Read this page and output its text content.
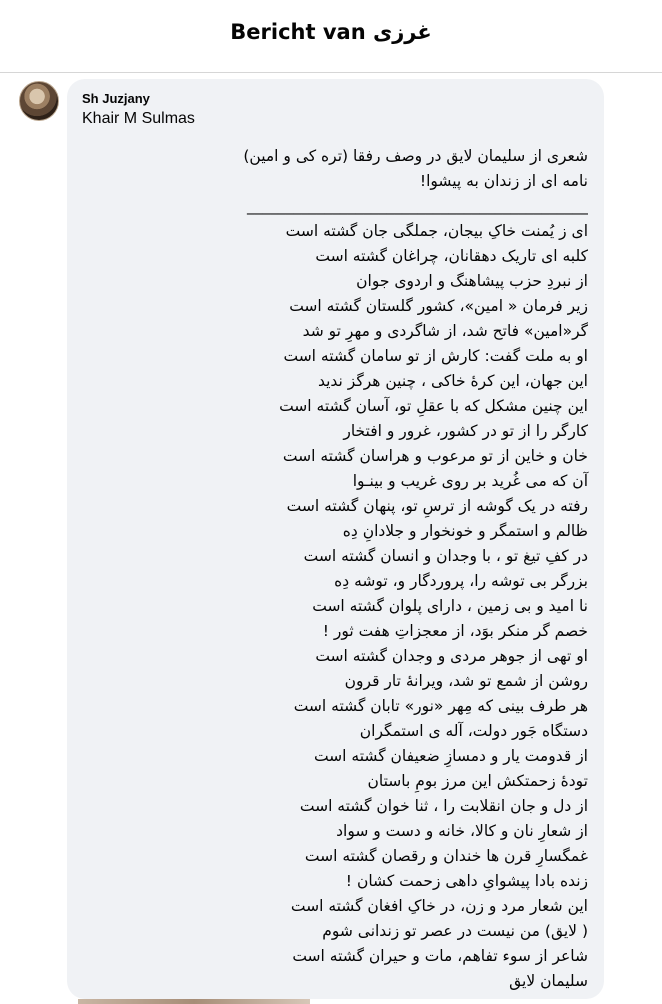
Bericht van غرزی
Sh Juzjany
Khair M Sulmas
شعری از سلیمان لایق در وصف رفقا (تره کی و امین)
نامه ای از زندان به پیشوا!
____________________________________________
ای ز یُمنت خاکِ بیجان، جملگی جان گشته است
کلبه ای تاریک دهقانان، چراغان گشته است
از نبردِ حزب پیشاهنگ و اردوی جوان
زیر فرمان « امین»، کشور گلستان گشته است
گر«امین» فاتح شد، از شاگردی و مهرِ تو شد
او به ملت گفت: کارش از تو سامان گشته است
این جهان، این کرۀ خاکی ، چنین هرگز ندید
این چنین مشکل که با عقلِ تو، آسان گشته است
کارگر را از تو در کشور، غرور و افتخار
خان و خاین از تو مرعوب و هراسان گشته است
آن که می غُرید بر روی غریب و بینـوا
رفته در یک گوشه از ترسِ تو، پنهان گشته است
ظالم و استمگر و خونخوار و جلادانِ دِه
در کفِ تیغ تو ، با وجدان و انسان گشته است
بزرگر بی توشه را، پروردگار و، توشه دِه
نا امید و بی زمین ، دارای پلوان گشته است
خصم گر منکر بوَد، از معجزاتِ هفت ثور !
او تهی از جوهر مردی و وجدان گشته است
روشن از شمع تو شد، ویرانۀ تار قرون
هر طرف بینی که مِهر «نور» تابان گشته است
دستگاه جَور دولت، آله ی استمگران
از قدومت یار و دمسازِ ضعیفان گشته است
تودۀ زحمتکش این مرز بومِ باستان
از دل و جان انقلابت را ، ثنا خوان گشته است
از شعارِ نان و کالا، خانه و دست و سواد
غمگسارِ قرن ها خندان و رقصان گشته است
زنده بادا پیشوایِ داهی زحمت کشان !
این شعار مرد و زن، در خاکِ افغان گشته است
( لایق) من نیست در عصر تو زندانی شوم
شاعر از سوء تفاهم، مات و حیران گشته است
سلیمان لایق
